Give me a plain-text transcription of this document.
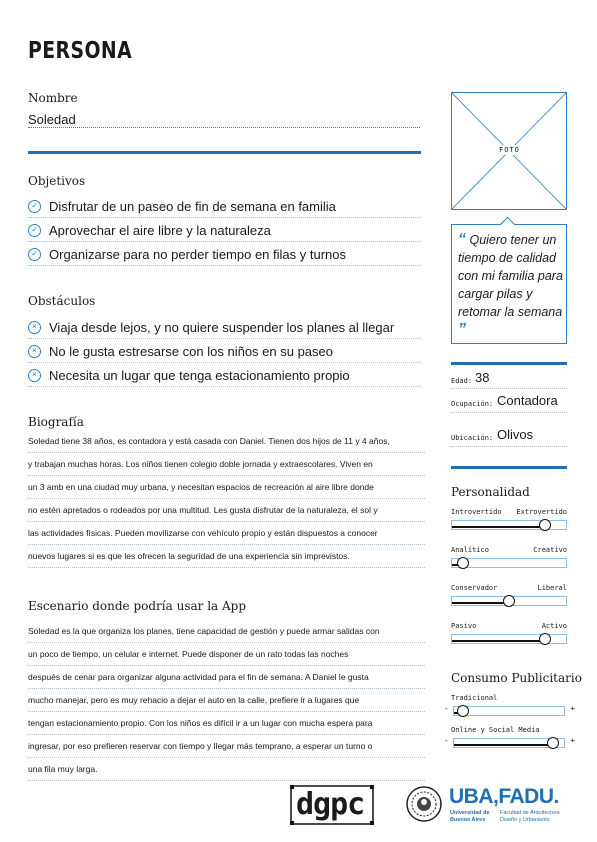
PERSONA
Nombre
Soledad
Objetivos
✓ Disfrutar de un paseo de fin de semana en familia
✓ Aprovechar el aire libre y la naturaleza
✓ Organizarse para no perder tiempo en filas y turnos
Obstáculos
× Viaja desde lejos, y no quiere suspender los planes al llegar
× No le gusta estresarse con los niños en su paseo
× Necesita un lugar que tenga estacionamiento propio
Biografía
Soledad tiene 38 años, es contadora y está casada con Daniel. Tienen dos hijos de 11 y 4 años,
y trabajan muchas horas. Los niños tienen colegio doble jornada y extraescolares. Viven en
un 3 amb en una ciudad muy urbana, y necesitan espacios de recreación al aire libre donde
no estén apretados o rodeados por una multitud. Les gusta disfrutar de la naturaleza, el sol y
las actividades físicas. Pueden movilizarse con vehículo propio y están dispuestos a conocer
nuevos lugares si es que les ofrecen la seguridad de una experiencia sin imprevistos.
Escenario donde podría usar la App
Soledad es la que organiza los planes, tiene capacidad de gestión y puede armar salidas con
un poco de tiempo, un celular e internet. Puede disponer de un rato todas las noches
después de cenar para organizar alguna actividad para el fin de semana. A Daniel le gusta
mucho manejar, pero es muy rehacio a dejar el auto en la calle, prefiere ir a lugares que
tengan estacionamiento propio. Con los niños es difícil ir a un lugar con mucha espera para
ingresar, por eso prefieren reservar con tiempo y llegar más temprano, a esperar un turno o
una fila muy larga.
FOTO
“ Quiero tener un tiempo de calidad con mi familia para cargar pilas y retomar la semana ”
Edad: 38
Ocupación: Contadora
Ubicación: Olivos
Personalidad
Introvertido Extrovertido
Analítico	Creativo
Conservador	Liberal
Pasivo	Activo
Consumo Publicitario
Tradicional
-	+
Online y Social Media
-	+
dgpc	UBA,FADU.
Universidad de Buenos Aires
Facultad de Arquitectura Diseño y Urbanismo
